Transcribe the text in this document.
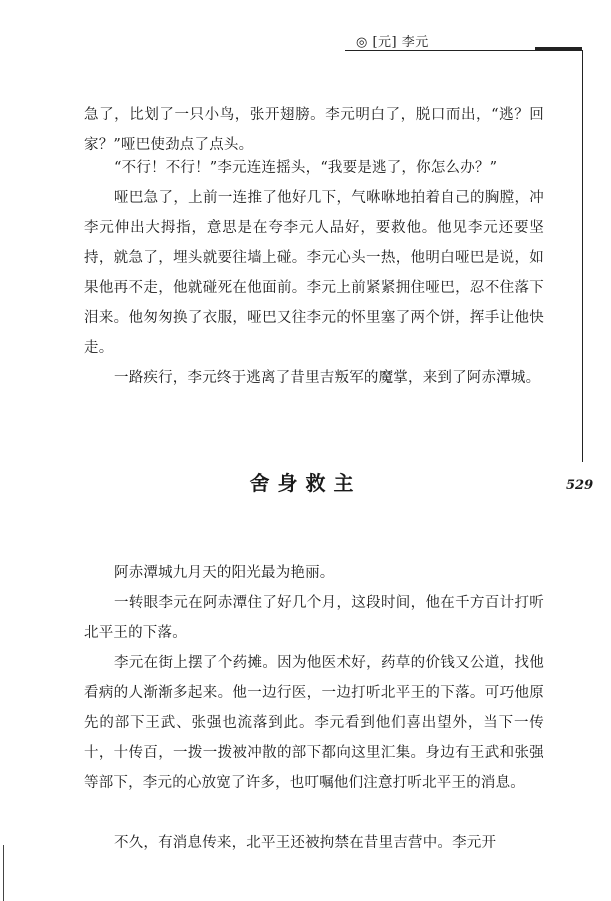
◎ [元] 李元
529

急了，比划了一只小鸟，张开翅膀。李元明白了，脱口而出，“逃？回家？”哑巴使劲点了点头。

“不行！不行！”李元连连摇头，“我要是逃了，你怎么办？”

哑巴急了，上前一连推了他好几下，气咻咻地拍着自己的胸膛，冲李元伸出大拇指，意思是在夸李元人品好，要救他。他见李元还要坚持，就急了，埋头就要往墙上碰。李元心头一热，他明白哑巴是说，如果他再不走，他就碰死在他面前。李元上前紧紧拥住哑巴，忍不住落下泪来。他匆匆换了衣服，哑巴又往李元的怀里塞了两个饼，挥手让他快走。

一路疾行，李元终于逃离了昔里吉叛军的魔掌，来到了阿赤潭城。

舍身救主

阿赤潭城九月天的阳光最为艳丽。

一转眼李元在阿赤潭住了好几个月，这段时间，他在千方百计打听北平王的下落。

李元在街上摆了个药摊。因为他医术好，药草的价钱又公道，找他看病的人渐渐多起来。他一边行医，一边打听北平王的下落。可巧他原先的部下王武、张强也流落到此。李元看到他们喜出望外，当下一传十，十传百，一拨一拨被冲散的部下都向这里汇集。身边有王武和张强等部下，李元的心放宽了许多，也叮嘱他们注意打听北平王的消息。

不久，有消息传来，北平王还被拘禁在昔里吉营中。李元开
